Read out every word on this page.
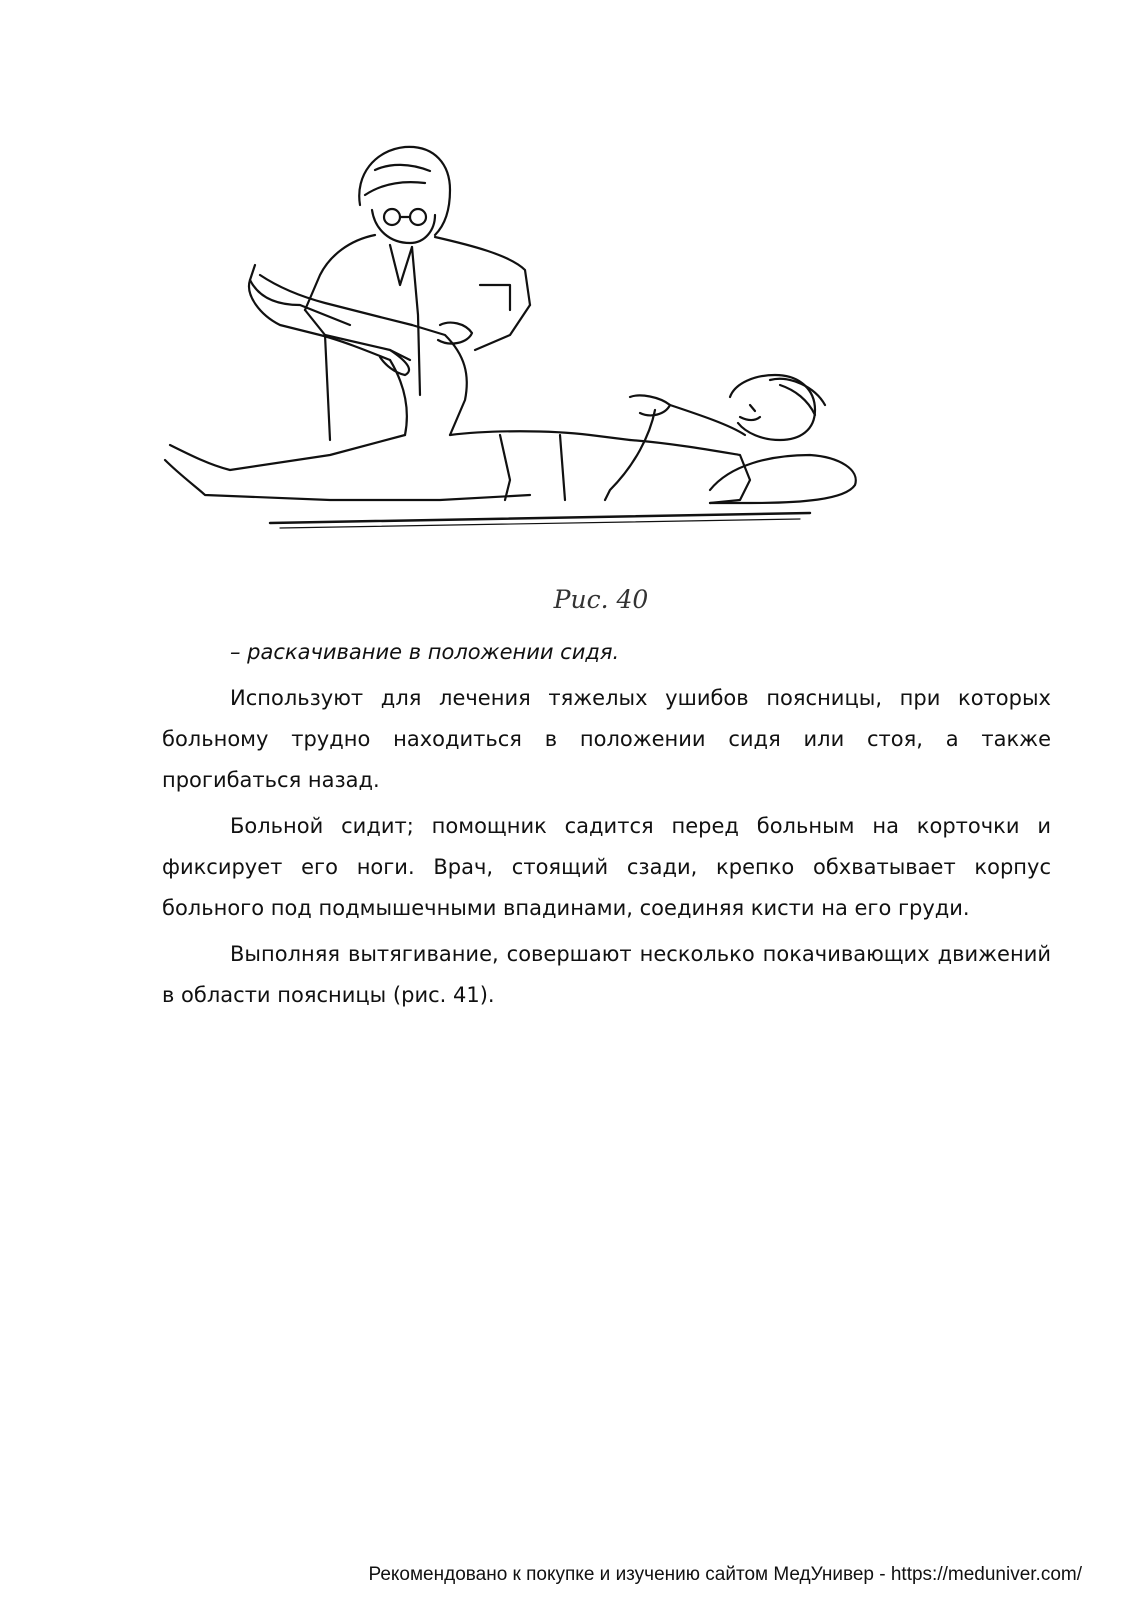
Рис. 40

– раскачивание в положении сидя.

Используют для лечения тяжелых ушибов поясницы, при которых больному трудно находиться в положении сидя или стоя, а также прогибаться назад.

Больной сидит; помощник садится перед больным на корточки и фиксирует его ноги. Врач, стоящий сзади, крепко обхватывает корпус больного под подмышечными впадинами, соединяя кисти на его груди.

Выполняя вытягивание, совершают несколько покачивающих движений в области поясницы (рис. 41).

Рекомендовано к покупке и изучению сайтом МедУнивер - https://meduniver.com/
